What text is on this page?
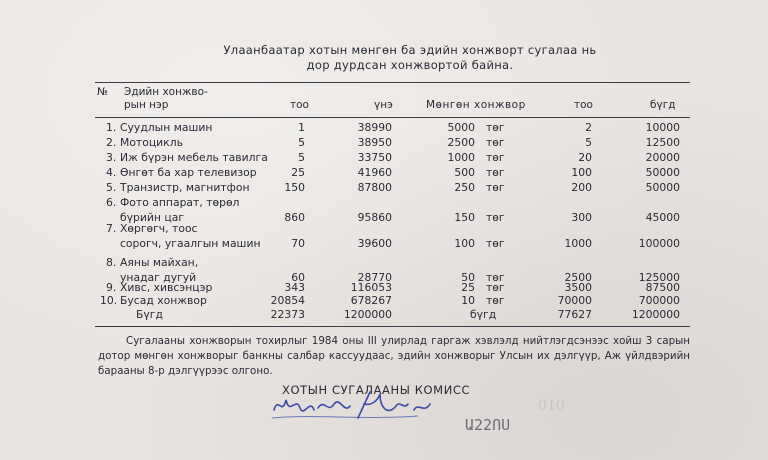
Улаанбаатар хотын мөнгөн ба эдийн хонжворт сугалаа нь
дор дурдсан хонжвортой байна.
№ Эдийн хонжво-
рын нэр	тоо	үнэ	Мөнгөн хонжвор	тоо	бүгд
1. Суудлын машин	1	38990	5000 төг	2	10000
2. Мотоцикль	5	38950	2500 төг	5	12500
3. Иж бүрэн мебель тавилга	5	33750	1000 төг	20	20000
4. Өнгөт ба хар телевизор	25	41960	500 төг	100	50000
5. Транзистр, магнитфон	150	87800	250 төг	200	50000
6. Фото аппарат, төрөл
бүрийн цаг	860	95860	150 төг	300	45000
7. Хөргөгч, тоос
сорогч, угаалгын машин	70	39600	100 төг	1000	100000
8. Аяны майхан,
унадаг дугуй	60	28770	50 төг	2500	125000
9. Хивс, хивсэнцэр	343	116053	25 төг	3500	87500
10. Бусад хонжвор	20854	678267	10 төг	70000	700000
Бүгд	22373	1200000	бүгд	77627	1200000

Сугалааны хонжворын тохирлыг 1984 оны III улирлад гаргаж хэвлэлд нийтлэгдсэнээс хойш 3 сарын дотор мөнгөн хонжворыг банкны салбар кассуудаас, эдийн хонжворыг Улсын их дэлгүүр, Аж үйлдвэрийн барааны 8-р дэлгүүрээс олгоно.

ХОТЫН СУГАЛААНЫ КОМИСС
Ա22ՈՍ
010
